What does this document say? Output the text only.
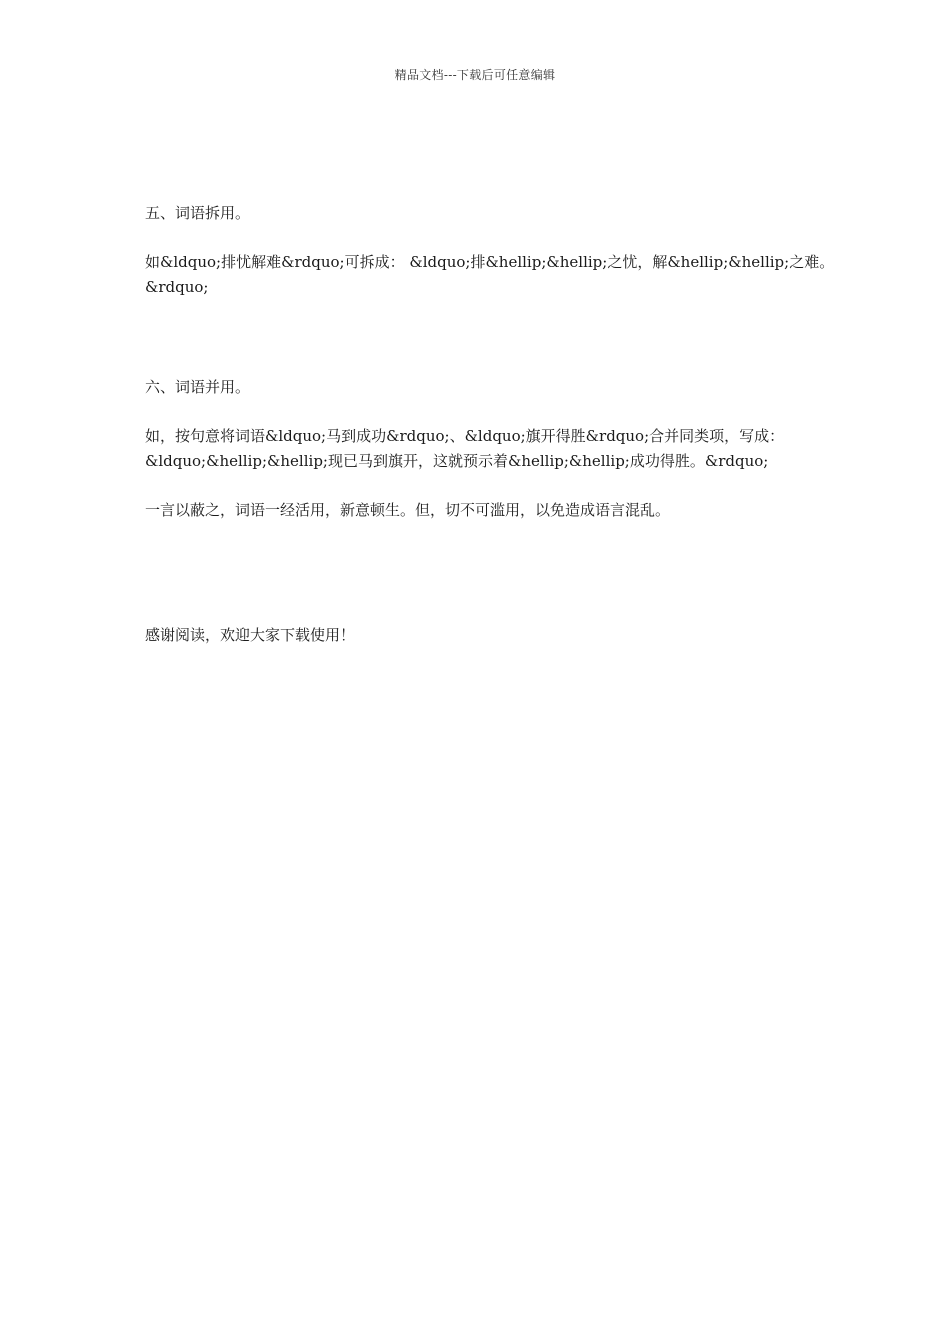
精品文档---下载后可任意编辑
五、词语拆用。
如&ldquo;排忧解难&rdquo;可拆成： &ldquo;排&hellip;&hellip;之忧，解&hellip;&hellip;之难。
&rdquo;
六、词语并用。
如，按句意将词语&ldquo;马到成功&rdquo;、&ldquo;旗开得胜&rdquo;合并同类项，写成：
&ldquo;&hellip;&hellip;现已马到旗开，这就预示着&hellip;&hellip;成功得胜。&rdquo;
一言以蔽之，词语一经活用，新意顿生。但，切不可滥用，以免造成语言混乱。
感谢阅读，欢迎大家下载使用！
